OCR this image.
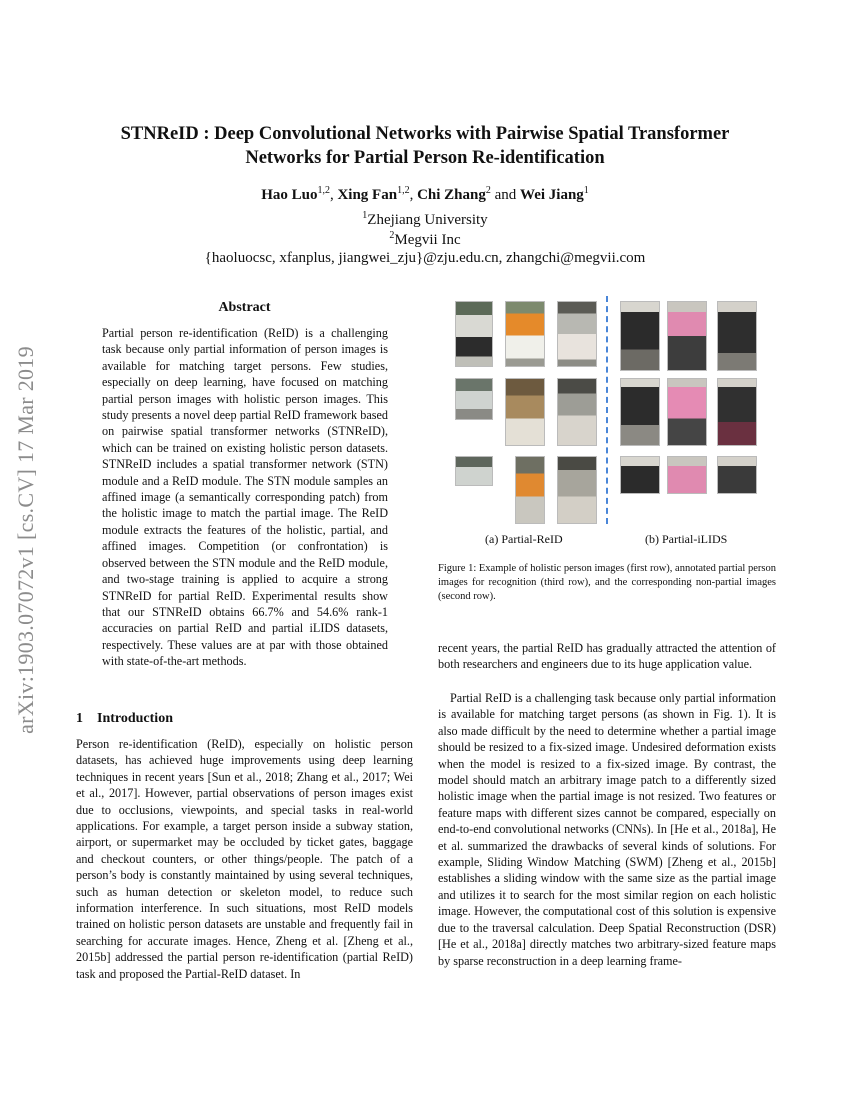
arXiv:1903.07072v1 [cs.CV] 17 Mar 2019
STNReID : Deep Convolutional Networks with Pairwise Spatial Transformer
Networks for Partial Person Re-identification
Hao Luo$^{1,2}$, Xing Fan$^{1,2}$, Chi Zhang$^2$ and Wei Jiang$^1$
$^1$Zhejiang University
$^2$Megvii Inc
{haoluocsc, xfanplus, jiangwei_zju}@zju.edu.cn, zhangchi@megvii.com
Abstract

Partial person re-identification (ReID) is a challenging task because only partial information of person images is available for matching target persons. Few studies, especially on deep learning, have focused on matching partial person images with holistic person images. This study presents a novel deep partial ReID framework based on pairwise spatial transformer networks (STNReID), which can be trained on existing holistic person datasets. STNReID includes a spatial transformer network (STN) module and a ReID module. The STN module samples an affined image (a semantically corresponding patch) from the holistic image to match the partial image. The ReID module extracts the features of the holistic, partial, and affined images. Competition (or confrontation) is observed between the STN module and the ReID module, and two-stage training is applied to acquire a strong STNReID for partial ReID. Experimental results show that our STNReID obtains 66.7% and 54.6% rank-1 accuracies on partial ReID and partial iLIDS datasets, respectively. These values are at par with those obtained with state-of-the-art methods.

1 Introduction

Person re-identification (ReID), especially on holistic person datasets, has achieved huge improvements using deep learning techniques in recent years [Sun et al., 2018; Zhang et al., 2017; Wei et al., 2017]. However, partial observations of person images exist due to occlusions, viewpoints, and special tasks in real-world applications. For example, a target person inside a subway station, airport, or supermarket may be occluded by ticket gates, baggage and checkout counters, or other things/people. The patch of a person’s body is constantly maintained by using several techniques, such as human detection or skeleton model, to reduce such information interference. In such situations, most ReID models trained on holistic person datasets are unstable and frequently fail in searching for accurate images. Hence, Zheng et al. [Zheng et al., 2015b] addressed the partial person re-identification (partial ReID) task and proposed the Partial-ReID dataset. In

(a) Partial-ReID	(b) Partial-iLIDS
Figure 1: Example of holistic person images (first row), annotated partial person images for recognition (third row), and the corresponding non-partial images (second row).

recent years, the partial ReID has gradually attracted the attention of both researchers and engineers due to its huge application value.

Partial ReID is a challenging task because only partial information is available for matching target persons (as shown in Fig. 1). It is also made difficult by the need to determine whether a partial image should be resized to a fix-sized image. Undesired deformation exists when the model is resized to a fix-sized image. By contrast, the model should match an arbitrary image patch to a differently sized holistic image when the partial image is not resized. Two features or feature maps with different sizes cannot be compared, especially on end-to-end convolutional networks (CNNs). In [He et al., 2018a], He et al. summarized the drawbacks of several kinds of solutions. For example, Sliding Window Matching (SWM) [Zheng et al., 2015b] establishes a sliding window with the same size as the partial image and utilizes it to search for the most similar region on each holistic image. However, the computational cost of this solution is expensive due to the traversal calculation. Deep Spatial Reconstruction (DSR) [He et al., 2018a] directly matches two arbitrary-sized feature maps by sparse reconstruction in a deep learning frame-
